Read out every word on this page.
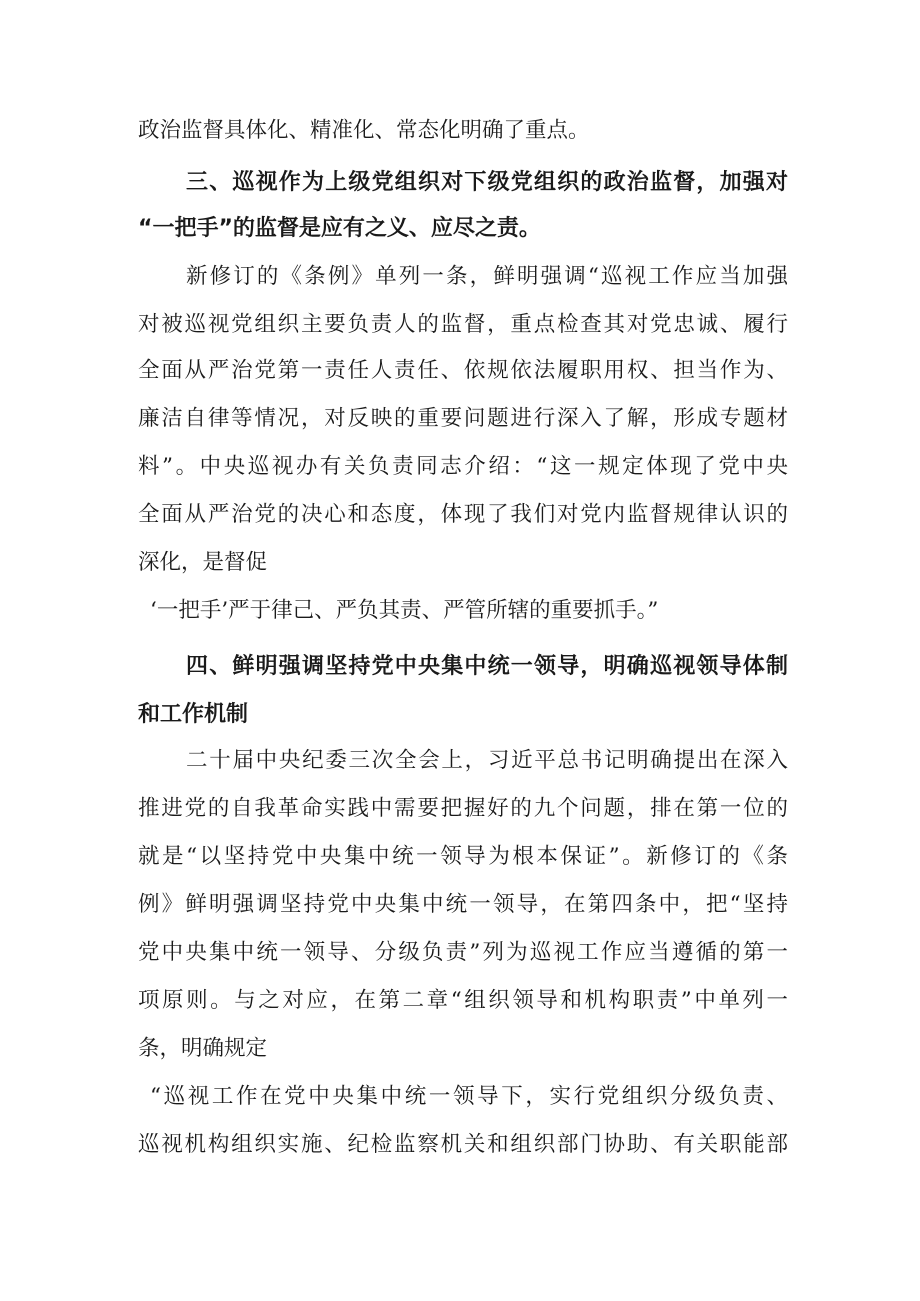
政治监督具体化、精准化、常态化明确了重点。
三、巡视作为上级党组织对下级党组织的政治监督，加强对
“一把手”的监督是应有之义、应尽之责。
新修订的《条例》单列一条，鲜明强调“巡视工作应当加强
对被巡视党组织主要负责人的监督，重点检查其对党忠诚、履行
全面从严治党第一责任人责任、依规依法履职用权、担当作为、
廉洁自律等情况，对反映的重要问题进行深入了解，形成专题材
料”。中央巡视办有关负责同志介绍：“这一规定体现了党中央
全面从严治党的决心和态度，体现了我们对党内监督规律认识的
深化，是督促
‘一把手’严于律己、严负其责、严管所辖的重要抓手。”
四、鲜明强调坚持党中央集中统一领导，明确巡视领导体制
和工作机制
二十届中央纪委三次全会上，习近平总书记明确提出在深入
推进党的自我革命实践中需要把握好的九个问题，排在第一位的
就是“以坚持党中央集中统一领导为根本保证”。新修订的《条
例》鲜明强调坚持党中央集中统一领导，在第四条中，把“坚持
党中央集中统一领导、分级负责”列为巡视工作应当遵循的第一
项原则。与之对应，在第二章“组织领导和机构职责”中单列一
条，明确规定
“巡视工作在党中央集中统一领导下，实行党组织分级负责、
巡视机构组织实施、纪检监察机关和组织部门协助、有关职能部
